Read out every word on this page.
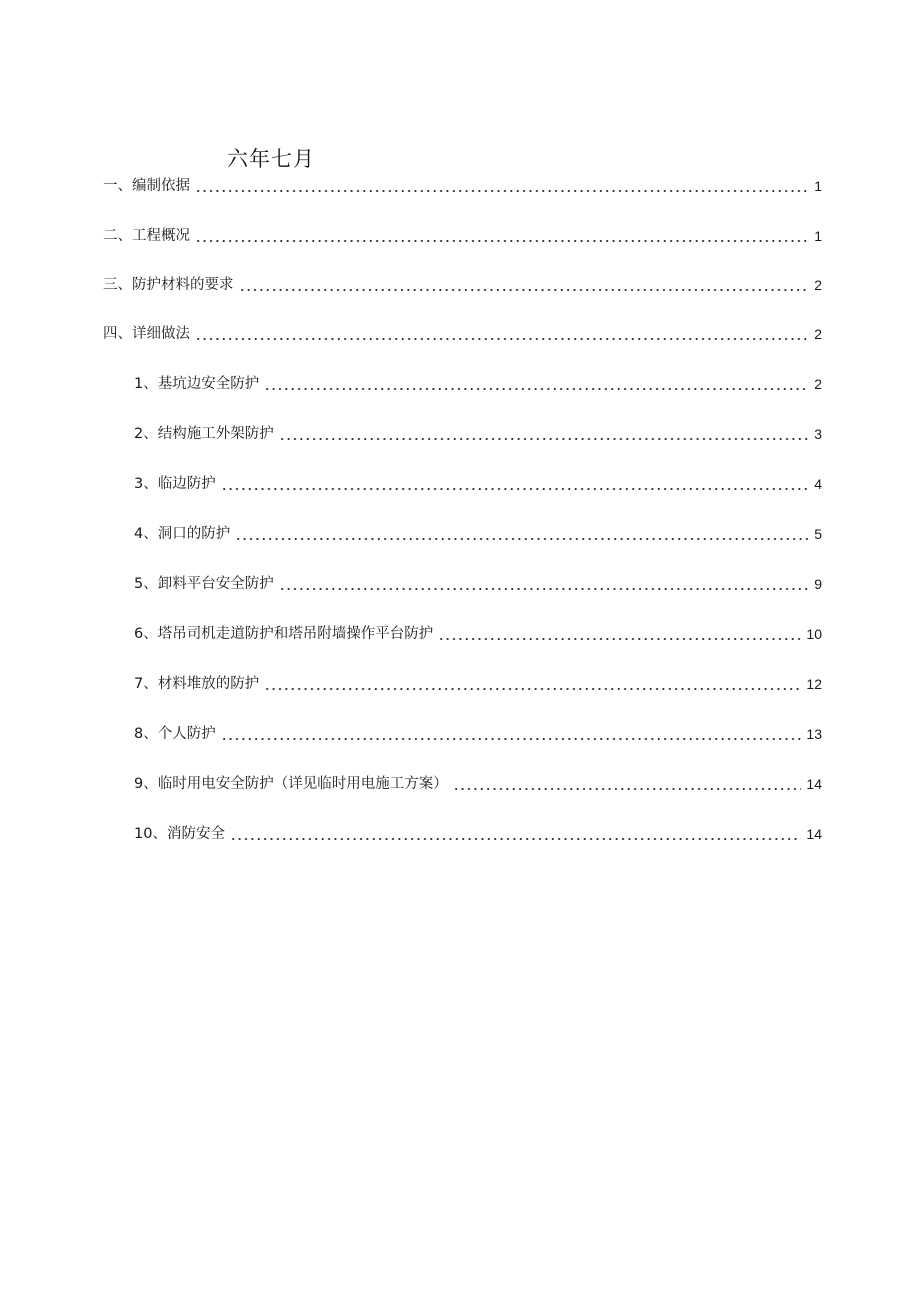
六年七月
一、编制依据	1
二、工程概况	1
三、防护材料的要求	2
四、详细做法	2
1、基坑边安全防护	2
2、结构施工外架防护	3
3、临边防护	4
4、洞口的防护	5
5、卸料平台安全防护	9
6、塔吊司机走道防护和塔吊附墙操作平台防护	10
7、材料堆放的防护	12
8、个人防护	13
9、临时用电安全防护（详见临时用电施工方案）	14
10、消防安全	14
